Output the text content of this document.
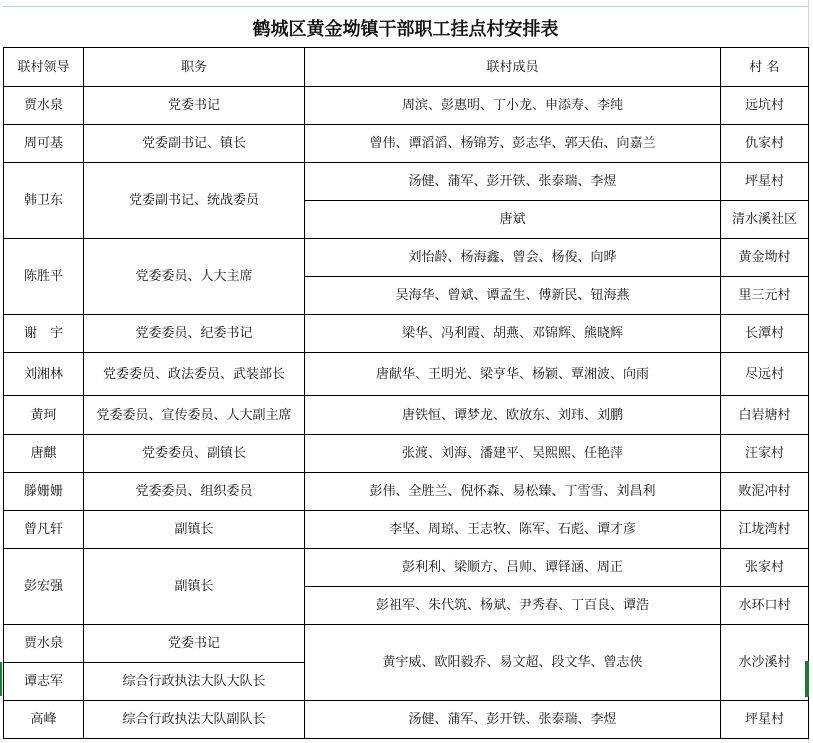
鹤城区黄金坳镇干部职工挂点村安排表
联村领导	职务	联村成员	村 名
贾水泉	党委书记	周滨、彭惠明、丁小龙、申添寿、李纯	远坑村
周可基	党委副书记、镇长	曾伟、谭滔滔、杨锦芳、彭志华、郭天佑、向嘉兰	仇家村
韩卫东	党委副书记、统战委员	汤健、蒲军、彭开铁、张泰瑞、李煜	坪星村
		唐斌	清水溪社区
陈胜平	党委委员、人大主席	刘怡龄、杨海鑫、曾会、杨俊、向晔	黄金坳村
		吴海华、曾斌、谭孟生、傅新民、钮海燕	里三元村
谢　宇	党委委员、纪委书记	梁华、冯利霞、胡燕、邓锦辉、熊晓辉	长潭村
刘湘林	党委委员、政法委员、武装部长	唐献华、王明光、梁亨华、杨颖、覃湘波、向雨	尽远村
黄珂	党委委员、宣传委员、人大副主席	唐铁恒、谭梦龙、欧放东、刘玮、刘鹏	白岩塘村
唐麒	党委委员、副镇长	张渡、刘海、潘建平、吴熙熙、任艳萍	汪家村
滕姗姗	党委委员、组织委员	彭伟、全胜兰、倪怀森、易松臻、丁雪雪、刘昌利	败泥冲村
曾凡轩	副镇长	李坚、周琼、王志牧、陈军、石彪、谭才彦	江垅湾村
彭宏强	副镇长	彭利利、梁顺方、吕帅、谭铎涵、周正	张家村
		彭祖军、朱代筑、杨斌、尹秀春、丁百良、谭浩	水环口村
贾水泉	党委书记	黄宇威、欧阳毅乔、易文超、段文华、曾志侠	水沙溪村
谭志军	综合行政执法大队大队长		
高峰	综合行政执法大队副队长	汤健、蒲军、彭开铁、张泰瑞、李煜	坪星村
